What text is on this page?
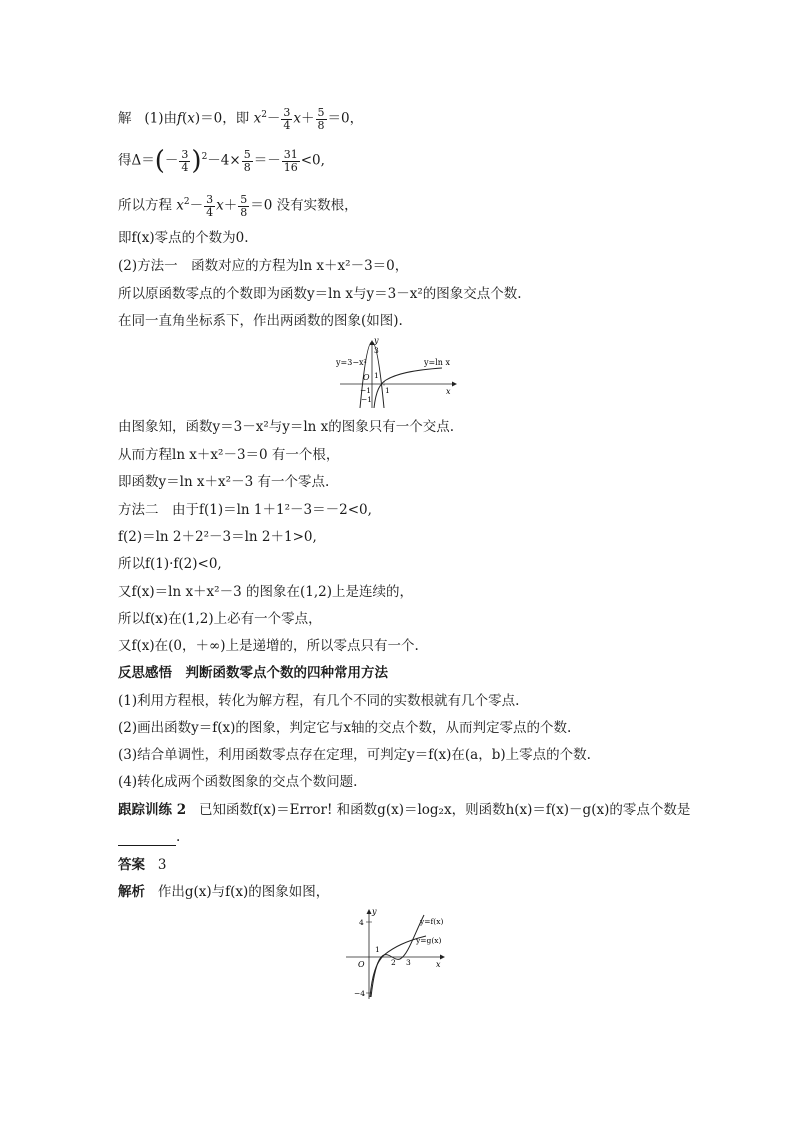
解   (1)由f(x)＝0，即 $x^2- \frac{3}{4} x+ \frac{5}{8} =0$，
得$\Delta=(- \frac{3}{4} )^2-4\times \frac{5}{8} =- \frac{31}{16} <0$,
所以方程 $x^2- \frac{3}{4} x+ \frac{5}{8} =0$ 没有实数根，
即f(x)零点的个数为0.
(2)方法一　函数对应的方程为ln x＋x²－3＝0，
所以原函数零点的个数即为函数y＝ln x与y＝3－x²的图象交点个数.
在同一直角坐标系下，作出两函数的图象(如图).
y
x
O
y=3−x²	y=ln x
3
1
−1 1
−1
由图象知，函数y＝3－x²与y＝ln x的图象只有一个交点.
从而方程ln x＋x²－3＝0 有一个根，
即函数y＝ln x＋x²－3 有一个零点.
方法二　由于f(1)＝ln 1＋1²－3＝－2<0,
f(2)＝ln 2＋2²－3＝ln 2＋1>0,
所以f(1)·f(2)<0,
又f(x)＝ln x＋x²－3 的图象在(1,2)上是连续的，
所以f(x)在(1,2)上必有一个零点，
又f(x)在(0，＋∞)上是递增的，所以零点只有一个.
反思感悟　判断函数零点个数的四种常用方法
(1)利用方程根，转化为解方程，有几个不同的实数根就有几个零点.
(2)画出函数y＝f(x)的图象，判定它与x轴的交点个数，从而判定零点的个数.
(3)结合单调性，利用函数零点存在定理，可判定y＝f(x)在(a，b)上零点的个数.
(4)转化成两个函数图象的交点个数问题.
跟踪训练 2 已知函数f(x)＝Error! 和函数g(x)＝log₂x，则函数h(x)＝f(x)－g(x)的零点个数是
.
答案 3
解析 作出g(x)与f(x)的图象如图，
y
x
O
y=f(x)
y=g(x)
4
1
2 3
−4
